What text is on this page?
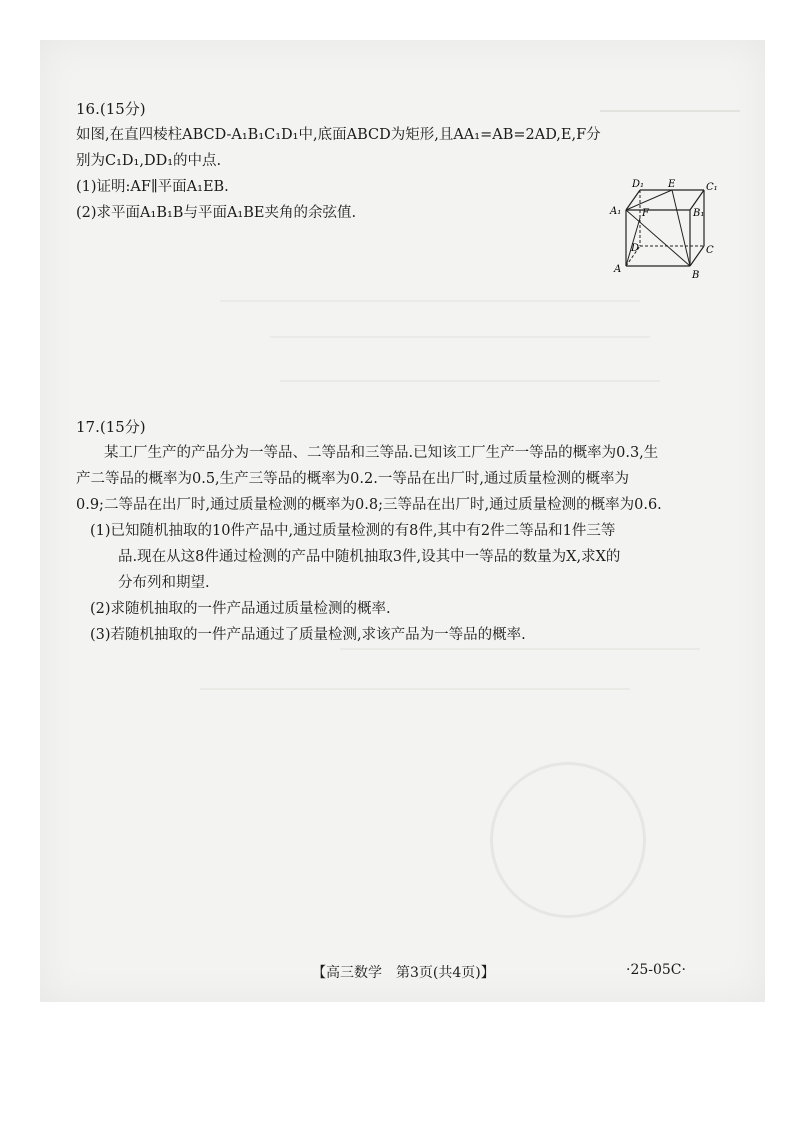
16.(15分)

如图,在直四棱柱ABCD-A₁B₁C₁D₁中,底面ABCD为矩形,且AA₁=AB=2AD,E,F分

别为C₁D₁,DD₁的中点.

(1)证明:AF∥平面A₁EB.

(2)求平面A₁B₁B与平面A₁BE夹角的余弦值.

D₁ E	C₁
A₁ F	B₁
D	C
A
B

17.(15分)

某工厂生产的产品分为一等品、二等品和三等品.已知该工厂生产一等品的概率为0.3,生

产二等品的概率为0.5,生产三等品的概率为0.2.一等品在出厂时,通过质量检测的概率为

0.9;二等品在出厂时,通过质量检测的概率为0.8;三等品在出厂时,通过质量检测的概率为0.6.

(1)已知随机抽取的10件产品中,通过质量检测的有8件,其中有2件二等品和1件三等

品.现在从这8件通过检测的产品中随机抽取3件,设其中一等品的数量为X,求X的

分布列和期望.

(2)求随机抽取的一件产品通过质量检测的概率.

(3)若随机抽取的一件产品通过了质量检测,求该产品为一等品的概率.

【高三数学　第3页(共4页)】	·25-05C·
